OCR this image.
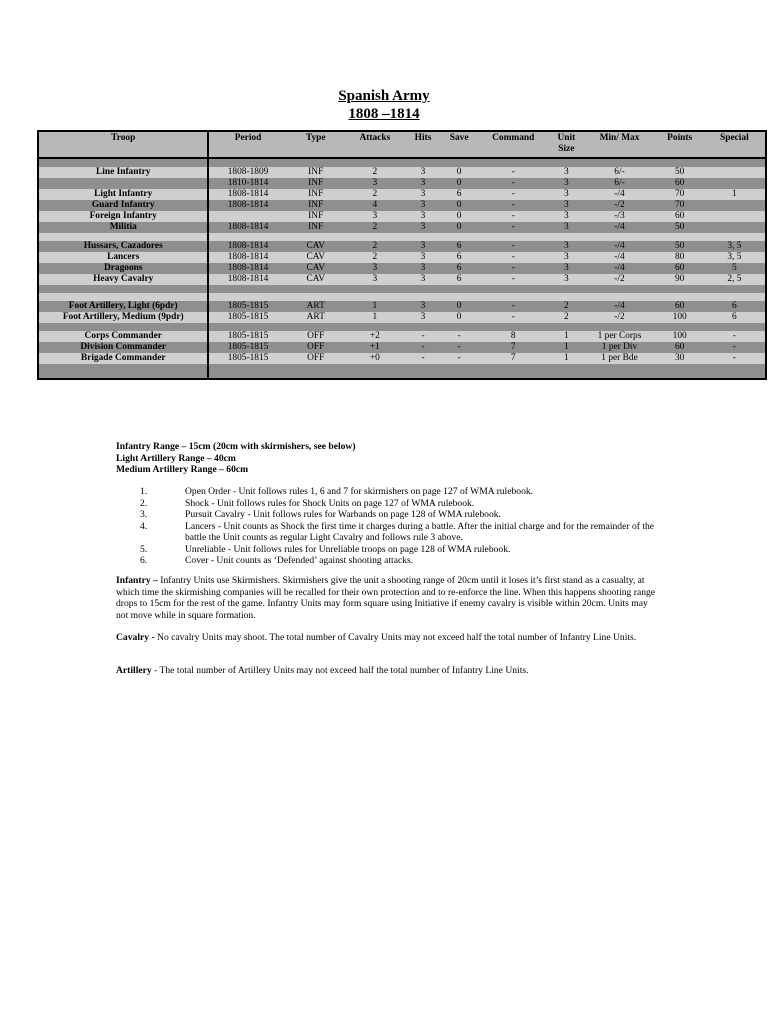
Spanish Army
1808 –1814
Troop	Period	Type	Attacks	Hits	Save	Command	Unit Size	Min/ Max	Points	Special

Line Infantry	1808-1809	INF	2	3	0	-	3	6/-	50	
	1810-1814	INF	3	3	0	-	3	6/-	60	
Light Infantry	1808-1814	INF	2	3	6	-	3	-/4	70	1
Guard Infantry	1808-1814	INF	4	3	0	-	3	-/2	70	
Foreign Infantry		INF	3	3	0	-	3	-/3	60	
Militia	1808-1814	INF	2	3	0	-	3	-/4	50	

Hussars, Cazadores	1808-1814	CAV	2	3	6	-	3	-/4	50	3, 5
Lancers	1808-1814	CAV	2	3	6	-	3	-/4	80	3, 5
Dragoons	1808-1814	CAV	3	3	6	-	3	-/4	60	5
Heavy Cavalry	1808-1814	CAV	3	3	6	-	3	-/2	90	2, 5

Foot Artillery, Light (6pdr)	1805-1815	ART	1	3	0	-	2	-/4	60	6
Foot Artillery, Medium (9pdr)	1805-1815	ART	1	3	0	-	2	-/2	100	6

Corps Commander	1805-1815	OFF	+2	-	-	8	1	1 per Corps	100	-
Division Commander	1805-1815	OFF	+1	-	-	7	1	1 per Div	60	-
Brigade Commander	1805-1815	OFF	+0	-	-	7	1	1 per Bde	30	-

Infantry Range – 15cm (20cm with skirmishers, see below)
Light Artillery Range – 40cm
Medium Artillery Range – 60cm
1.	Open Order - Unit follows rules 1, 6 and 7 for skirmishers on page 127 of WMA rulebook.
2.	Shock - Unit follows rules for Shock Units on page 127 of WMA rulebook.
3.	Pursuit Cavalry - Unit follows rules for Warbands on page 128 of WMA rulebook.
4.	Lancers - Unit counts as Shock the first time it charges during a battle. After the initial charge and for the remainder of the battle the Unit counts as regular Light Cavalry and follows rule 3 above.
5.	Unreliable - Unit follows rules for Unreliable troops on page 128 of WMA rulebook.
6.	Cover - Unit counts as ‘Defended’ against shooting attacks.
Infantry – Infantry Units use Skirmishers. Skirmishers give the unit a shooting range of 20cm until it loses it’s first stand as a casualty, at which time the skirmishing companies will be recalled for their own protection and to re-enforce the line. When this happens shooting range drops to 15cm for the rest of the game. Infantry Units may form square using Initiative if enemy cavalry is visible within 20cm. Units may not move while in square formation.
Cavalry - No cavalry Units may shoot. The total number of Cavalry Units may not exceed half the total number of Infantry Line Units.
Artillery - The total number of Artillery Units may not exceed half the total number of Infantry Line Units.
